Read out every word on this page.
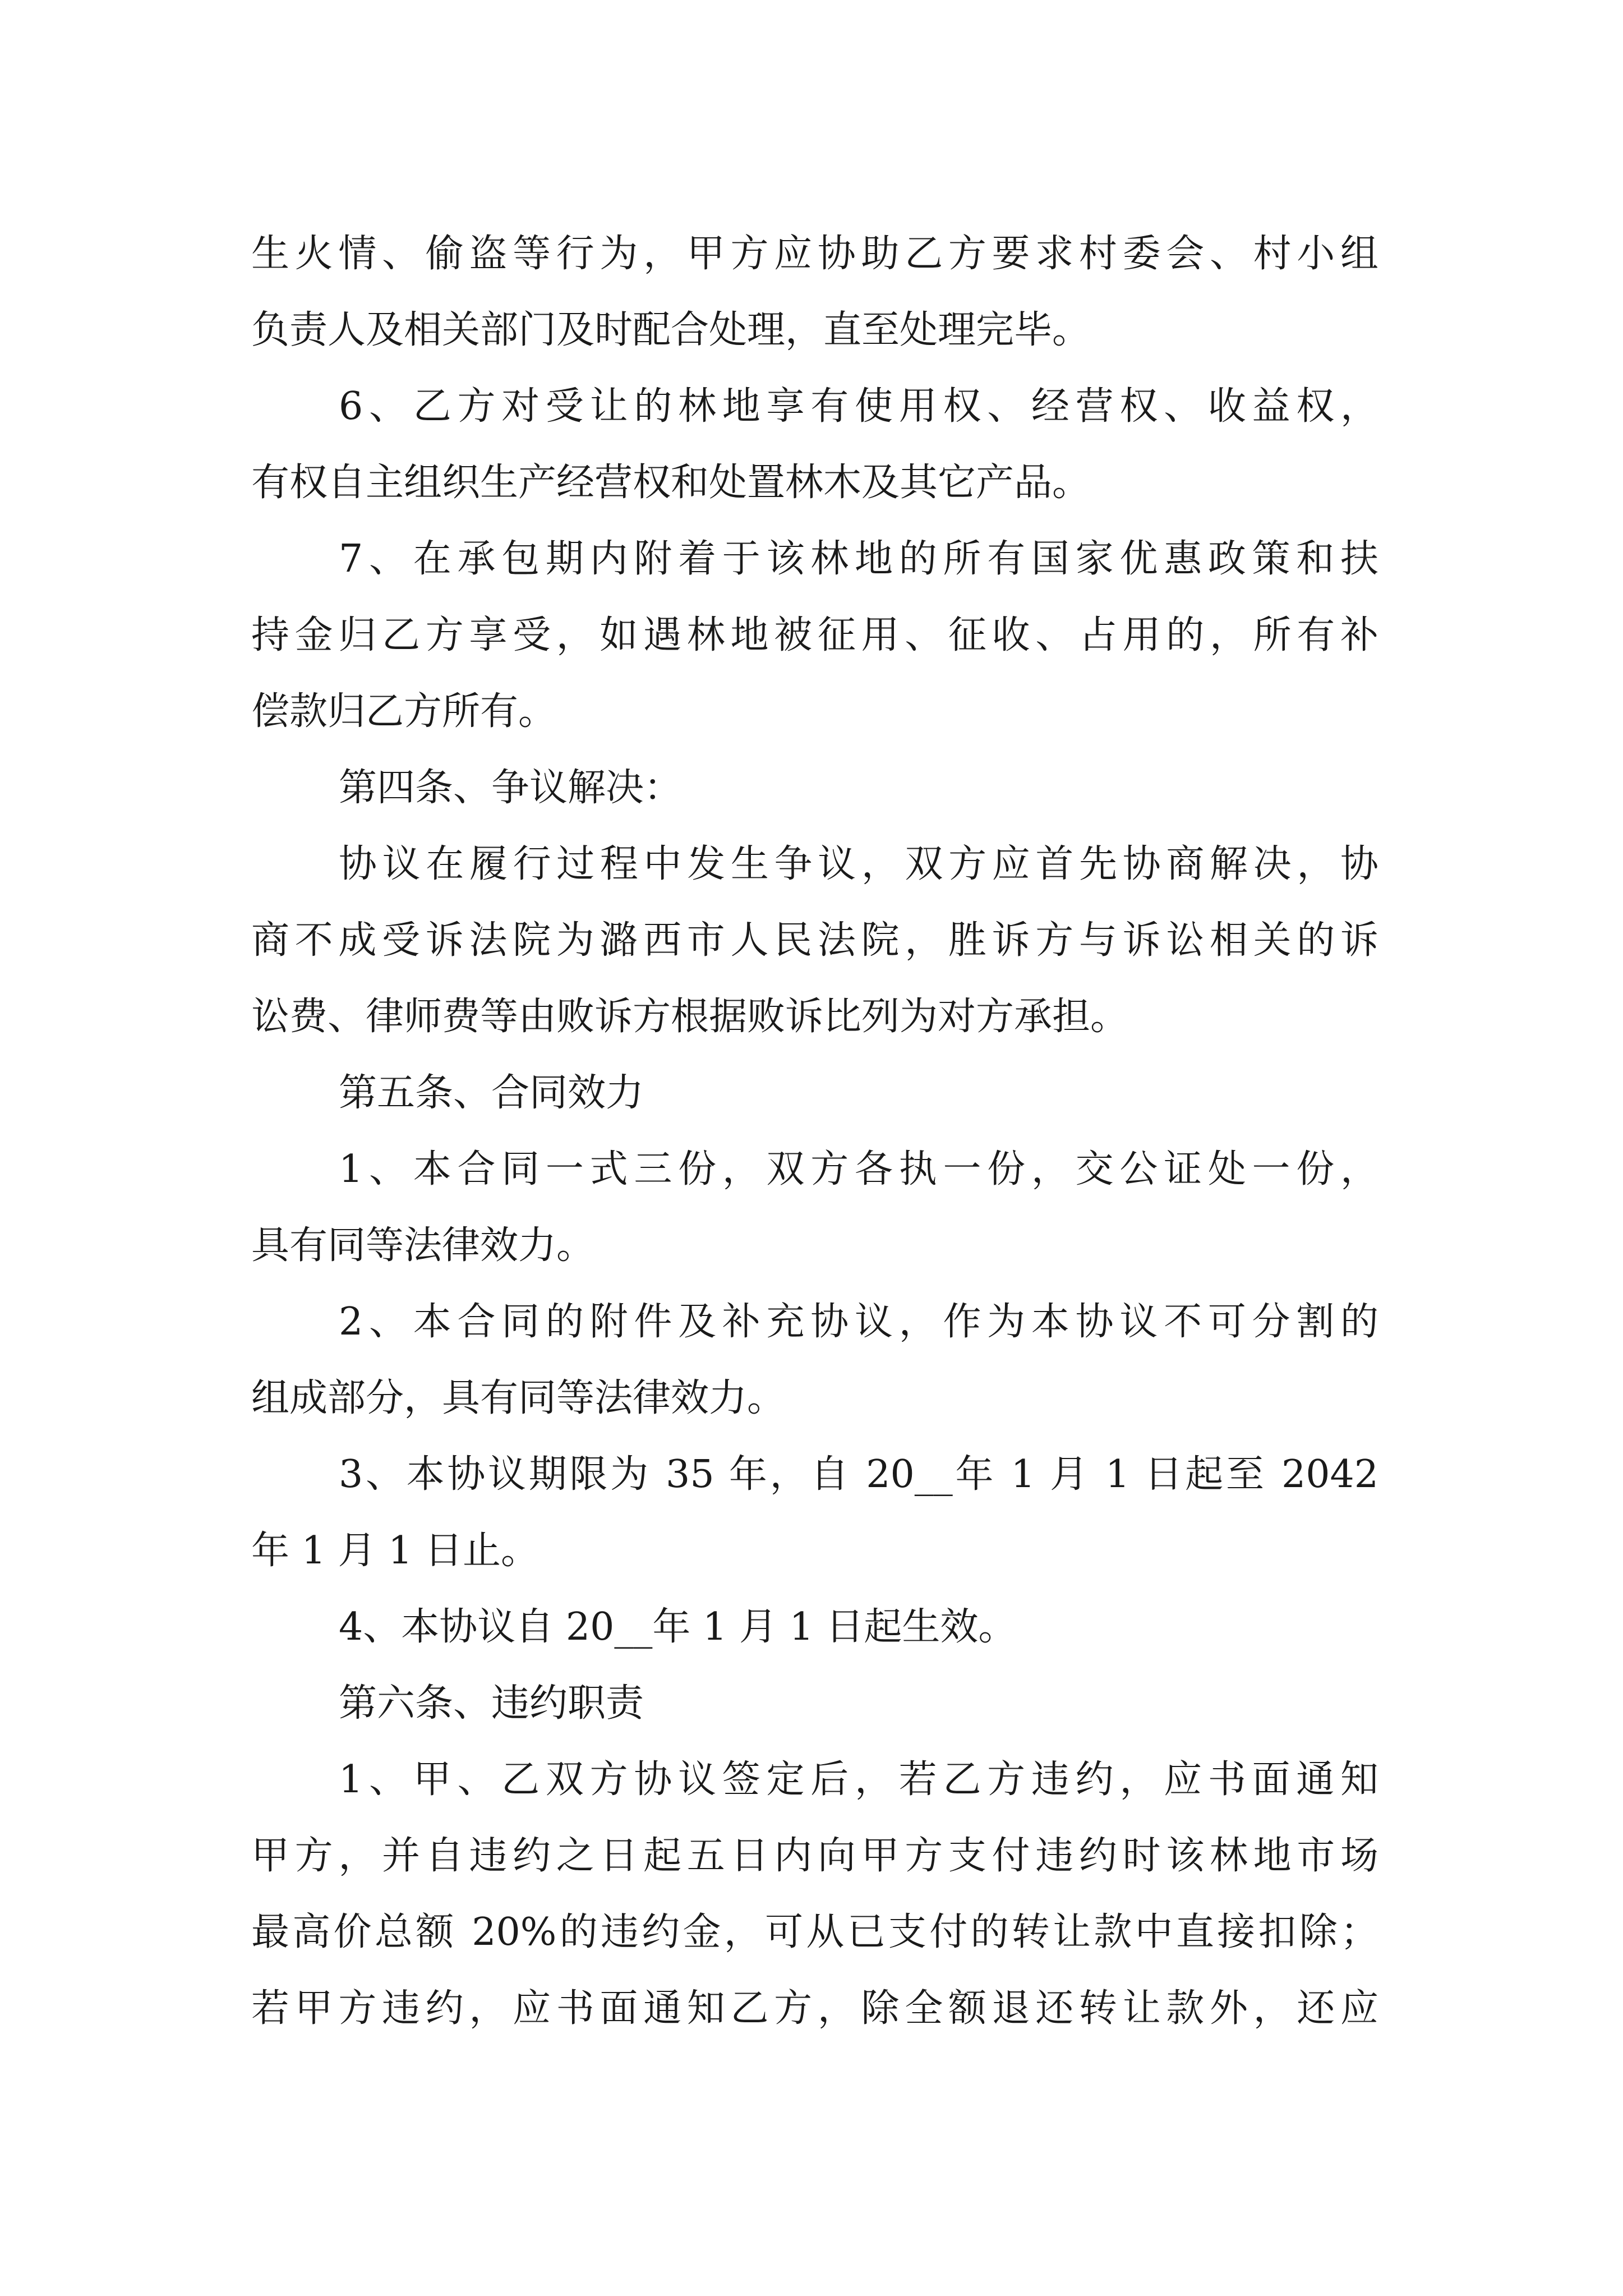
生火情、偷盗等行为，甲方应协助乙方要求村委会、村小组
负责人及相关部门及时配合处理，直至处理完毕。
6、乙方对受让的林地享有使用权、经营权、收益权，
有权自主组织生产经营权和处置林木及其它产品。
7、在承包期内附着于该林地的所有国家优惠政策和扶
持金归乙方享受，如遇林地被征用、征收、占用的，所有补
偿款归乙方所有。
第四条、争议解决：
协议在履行过程中发生争议，双方应首先协商解决，协
商不成受诉法院为潞西市人民法院，胜诉方与诉讼相关的诉
讼费、律师费等由败诉方根据败诉比列为对方承担。
第五条、合同效力
1、本合同一式三份，双方各执一份，交公证处一份，
具有同等法律效力。
2、本合同的附件及补充协议，作为本协议不可分割的
组成部分，具有同等法律效力。
3、本协议期限为 35 年，自 20__年 1 月 1 日起至 2042
年 1 月 1 日止。
4、本协议自 20__年 1 月 1 日起生效。
第六条、违约职责
1、甲、乙双方协议签定后，若乙方违约，应书面通知
甲方，并自违约之日起五日内向甲方支付违约时该林地市场
最高价总额 20%的违约金，可从已支付的转让款中直接扣除；
若甲方违约，应书面通知乙方，除全额退还转让款外，还应
